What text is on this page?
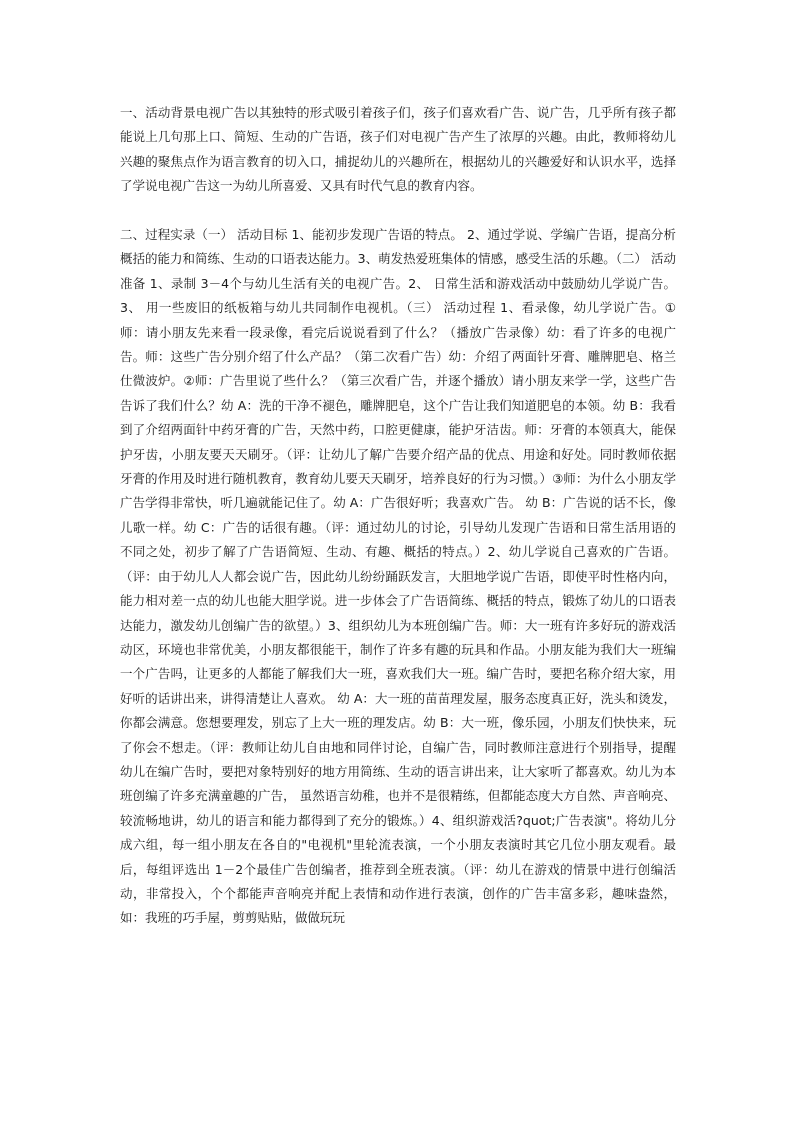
一、活动背景电视广告以其独特的形式吸引着孩子们，孩子们喜欢看广告、说广告，几乎所有孩子都能说上几句那上口、简短、生动的广告语，孩子们对电视广告产生了浓厚的兴趣。由此，教师将幼儿兴趣的聚焦点作为语言教育的切入口，捕捉幼儿的兴趣所在，根据幼儿的兴趣爱好和认识水平，选择了学说电视广告这一为幼儿所喜爱、又具有时代气息的教育内容。

二、过程实录（一） 活动目标 1、能初步发现广告语的特点。 2、通过学说、学编广告语，提高分析概括的能力和简练、生动的口语表达能力。3、萌发热爱班集体的情感，感受生活的乐趣。（二） 活动准备 1、录制 3－4个与幼儿生活有关的电视广告。2、 日常生活和游戏活动中鼓励幼儿学说广告。3、 用一些废旧的纸板箱与幼儿共同制作电视机。（三） 活动过程 1、看录像，幼儿学说广告。①师：请小朋友先来看一段录像，看完后说说看到了什么？（播放广告录像）幼：看了许多的电视广告。师：这些广告分别介绍了什么产品？（第二次看广告）幼：介绍了两面针牙膏、雕牌肥皂、格兰仕微波炉。②师：广告里说了些什么？（第三次看广告，并逐个播放）请小朋友来学一学，这些广告告诉了我们什么？幼 A：洗的干净不褪色，雕牌肥皂，这个广告让我们知道肥皂的本领。幼 B：我看到了介绍两面针中药牙膏的广告，天然中药，口腔更健康，能护牙洁齿。师：牙膏的本领真大，能保护牙齿，小朋友要天天刷牙。（评：让幼儿了解广告要介绍产品的优点、用途和好处。同时教师依据牙膏的作用及时进行随机教育，教育幼儿要天天刷牙，培养良好的行为习惯。）③师：为什么小朋友学广告学得非常快，听几遍就能记住了。幼 A：广告很好听；我喜欢广告。 幼 B：广告说的话不长，像儿歌一样。幼 C：广告的话很有趣。（评：通过幼儿的讨论，引导幼儿发现广告语和日常生活用语的不同之处，初步了解了广告语简短、生动、有趣、概括的特点。）2、幼儿学说自己喜欢的广告语。（评：由于幼儿人人都会说广告，因此幼儿纷纷踊跃发言，大胆地学说广告语，即使平时性格内向，能力相对差一点的幼儿也能大胆学说。进一步体会了广告语简练、概括的特点，锻炼了幼儿的口语表达能力，激发幼儿创编广告的欲望。）3、组织幼儿为本班创编广告。师：大一班有许多好玩的游戏活动区，环境也非常优美，小朋友都很能干，制作了许多有趣的玩具和作品。小朋友能为我们大一班编一个广告吗，让更多的人都能了解我们大一班，喜欢我们大一班。编广告时，要把名称介绍大家，用好听的话讲出来，讲得清楚让人喜欢。 幼 A：大一班的苗苗理发屋，服务态度真正好，洗头和烫发，你都会满意。您想要理发，别忘了上大一班的理发店。幼 B：大一班，像乐园，小朋友们快快来，玩了你会不想走。（评：教师让幼儿自由地和同伴讨论，自编广告，同时教师注意进行个别指导，提醒幼儿在编广告时，要把对象特别好的地方用简练、生动的语言讲出来，让大家听了都喜欢。幼儿为本班创编了许多充满童趣的广告， 虽然语言幼稚，也并不是很精练，但都能态度大方自然、声音响亮、较流畅地讲，幼儿的语言和能力都得到了充分的锻炼。）4、组织游戏活?quot;广告表演"。将幼儿分成六组，每一组小朋友在各自的"电视机"里轮流表演，一个小朋友表演时其它几位小朋友观看。最后，每组评选出 1－2个最佳广告创编者，推荐到全班表演。（评：幼儿在游戏的情景中进行创编活动，非常投入，个个都能声音响亮并配上表情和动作进行表演，创作的广告丰富多彩，趣味盎然，如：我班的巧手屋，剪剪贴贴，做做玩玩
